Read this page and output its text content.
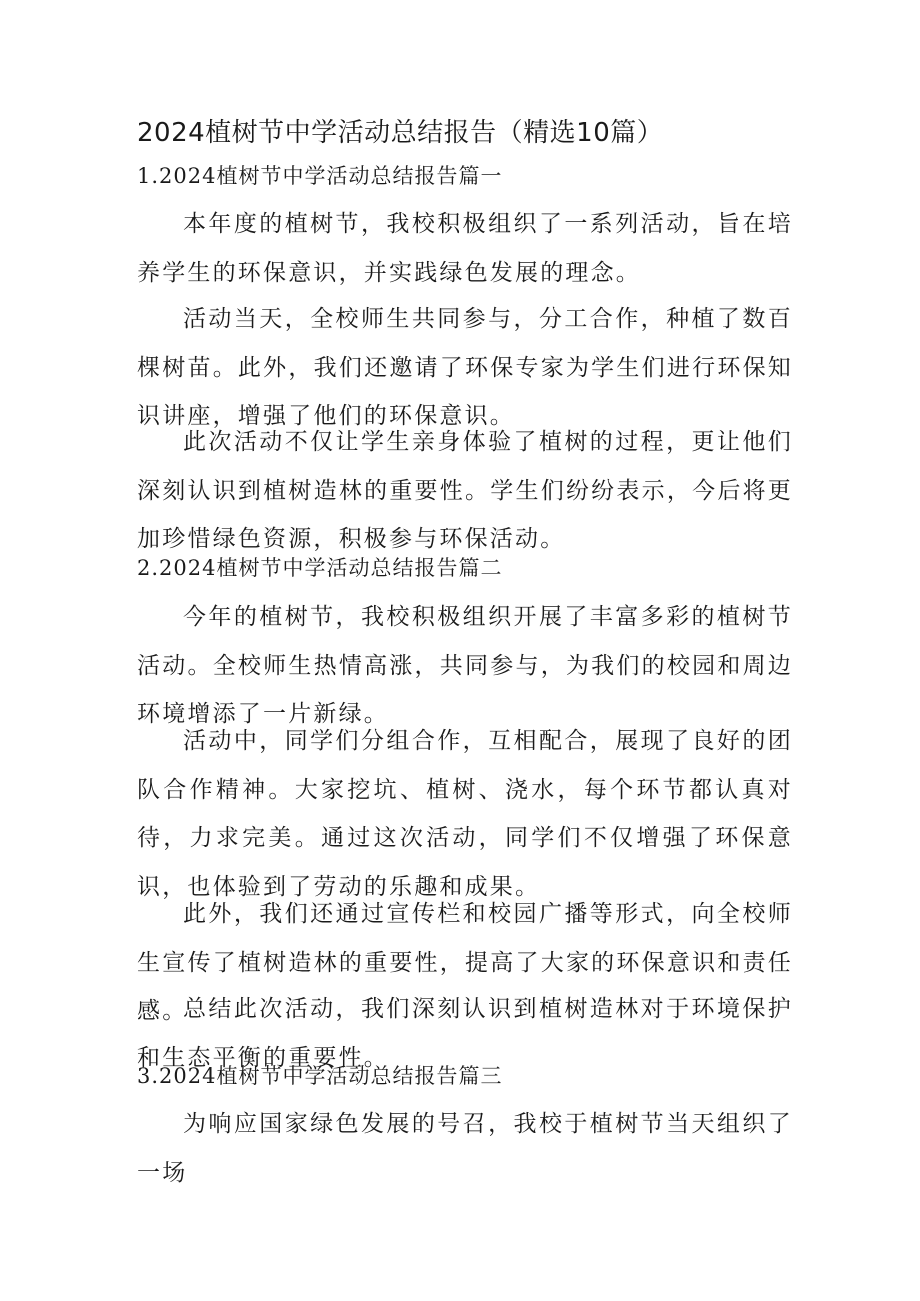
2024植树节中学活动总结报告（精选10篇）
1.2024植树节中学活动总结报告篇一

本年度的植树节，我校积极组织了一系列活动，旨在培养学生的环保意识，并实践绿色发展的理念。

活动当天，全校师生共同参与，分工合作，种植了数百棵树苗。此外，我们还邀请了环保专家为学生们进行环保知识讲座，增强了他们的环保意识。

此次活动不仅让学生亲身体验了植树的过程，更让他们深刻认识到植树造林的重要性。学生们纷纷表示，今后将更加珍惜绿色资源，积极参与环保活动。

2.2024植树节中学活动总结报告篇二

今年的植树节，我校积极组织开展了丰富多彩的植树节活动。全校师生热情高涨，共同参与，为我们的校园和周边环境增添了一片新绿。

活动中，同学们分组合作，互相配合，展现了良好的团队合作精神。大家挖坑、植树、浇水，每个环节都认真对待，力求完美。通过这次活动，同学们不仅增强了环保意识，也体验到了劳动的乐趣和成果。

此外，我们还通过宣传栏和校园广播等形式，向全校师生宣传了植树造林的重要性，提高了大家的环保意识和责任感。

总结此次活动，我们深刻认识到植树造林对于环境保护和生态平衡的重要性。

3.2024植树节中学活动总结报告篇三

为响应国家绿色发展的号召，我校于植树节当天组织了一场
